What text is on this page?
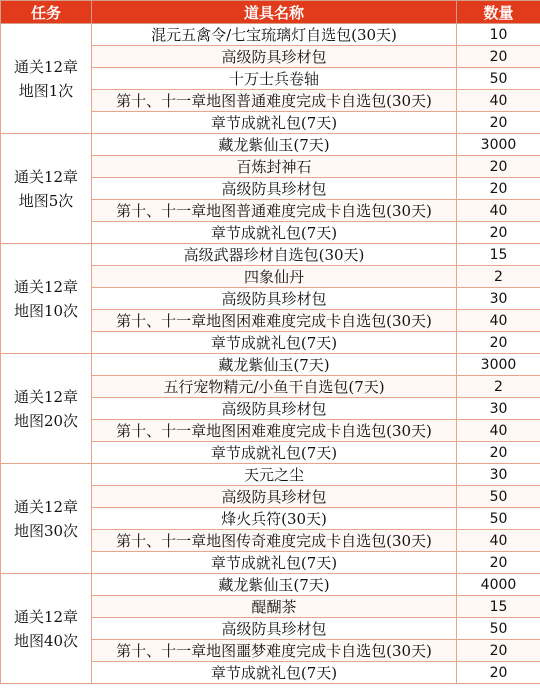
任务	道具名称	数量

通关12章
地图1次	混元五禽令/七宝琉璃灯自选包(30天)	10
	高级防具珍材包	20
	十万士兵卷轴	50
	第十、十一章地图普通难度完成卡自选包(30天)	40
	章节成就礼包(7天)	20

通关12章
地图5次	藏龙紫仙玉(7天)	3000
	百炼封神石	20
	高级防具珍材包	20
	第十、十一章地图普通难度完成卡自选包(30天)	40
	章节成就礼包(7天)	20

通关12章
地图10次	高级武器珍材自选包(30天)	15
	四象仙丹	2
	高级防具珍材包	30
	第十、十一章地图困难难度完成卡自选包(30天)	40
	章节成就礼包(7天)	20

通关12章
地图20次	藏龙紫仙玉(7天)	3000
	五行宠物精元/小鱼干自选包(7天)	2
	高级防具珍材包	30
	第十、十一章地图困难难度完成卡自选包(30天)	40
	章节成就礼包(7天)	20

通关12章
地图30次	天元之尘	30
	高级防具珍材包	50
	烽火兵符(30天)	50
	第十、十一章地图传奇难度完成卡自选包(30天)	40
	章节成就礼包(7天)	20

通关12章
地图40次	藏龙紫仙玉(7天)	4000
	醍醐茶	15
	高级防具珍材包	50
	第十、十一章地图噩梦难度完成卡自选包(30天)	20
	章节成就礼包(7天)	20
